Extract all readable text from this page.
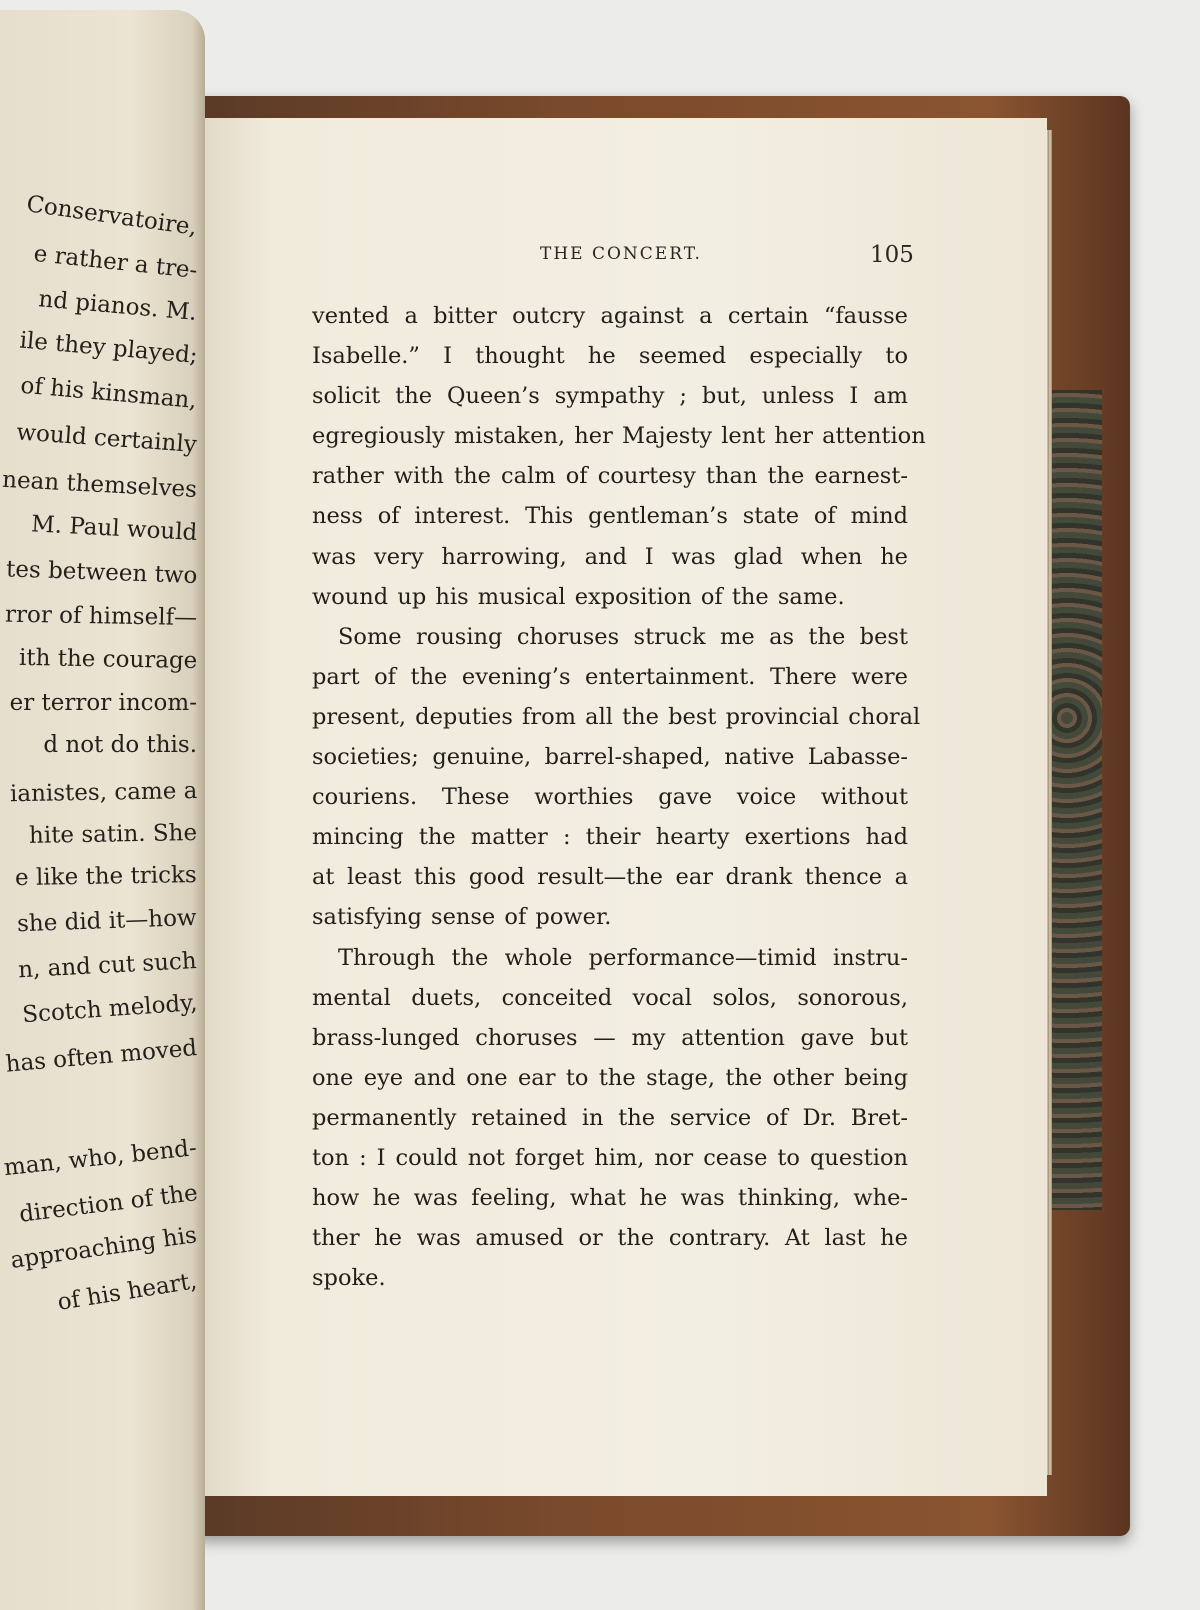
THE CONCERT.	105
vented a bitter outcry against a certain “fausse
Isabelle.” I thought he seemed especially to
solicit the Queen’s sympathy ; but, unless I am
egregiously mistaken, her Majesty lent her attention
rather with the calm of courtesy than the earnest-
ness of interest. This gentleman’s state of mind
was very harrowing, and I was glad when he
wound up his musical exposition of the same.
Some rousing choruses struck me as the best
part of the evening’s entertainment. There were
present, deputies from all the best provincial choral
societies; genuine, barrel-shaped, native Labasse-
couriens. These worthies gave voice without
mincing the matter : their hearty exertions had
at least this good result—the ear drank thence a
satisfying sense of power.
Through the whole performance—timid instru-
mental duets, conceited vocal solos, sonorous,
brass-lunged choruses — my attention gave but
one eye and one ear to the stage, the other being
permanently retained in the service of Dr. Bret-
ton : I could not forget him, nor cease to question
how he was feeling, what he was thinking, whe-
ther he was amused or the contrary. At last he
spoke.
Conservatoire,
e rather a tre-
nd pianos. M.
ile they played;
of his kinsman,
would certainly
nean themselves
M. Paul would
tes between two
rror of himself—
ith the courage
er terror incom-
d not do this.
ianistes, came a
hite satin. She
e like the tricks
she did it—how
n, and cut such
Scotch melody,
has often moved
man, who, bend-
direction of the
approaching his
of his heart,
